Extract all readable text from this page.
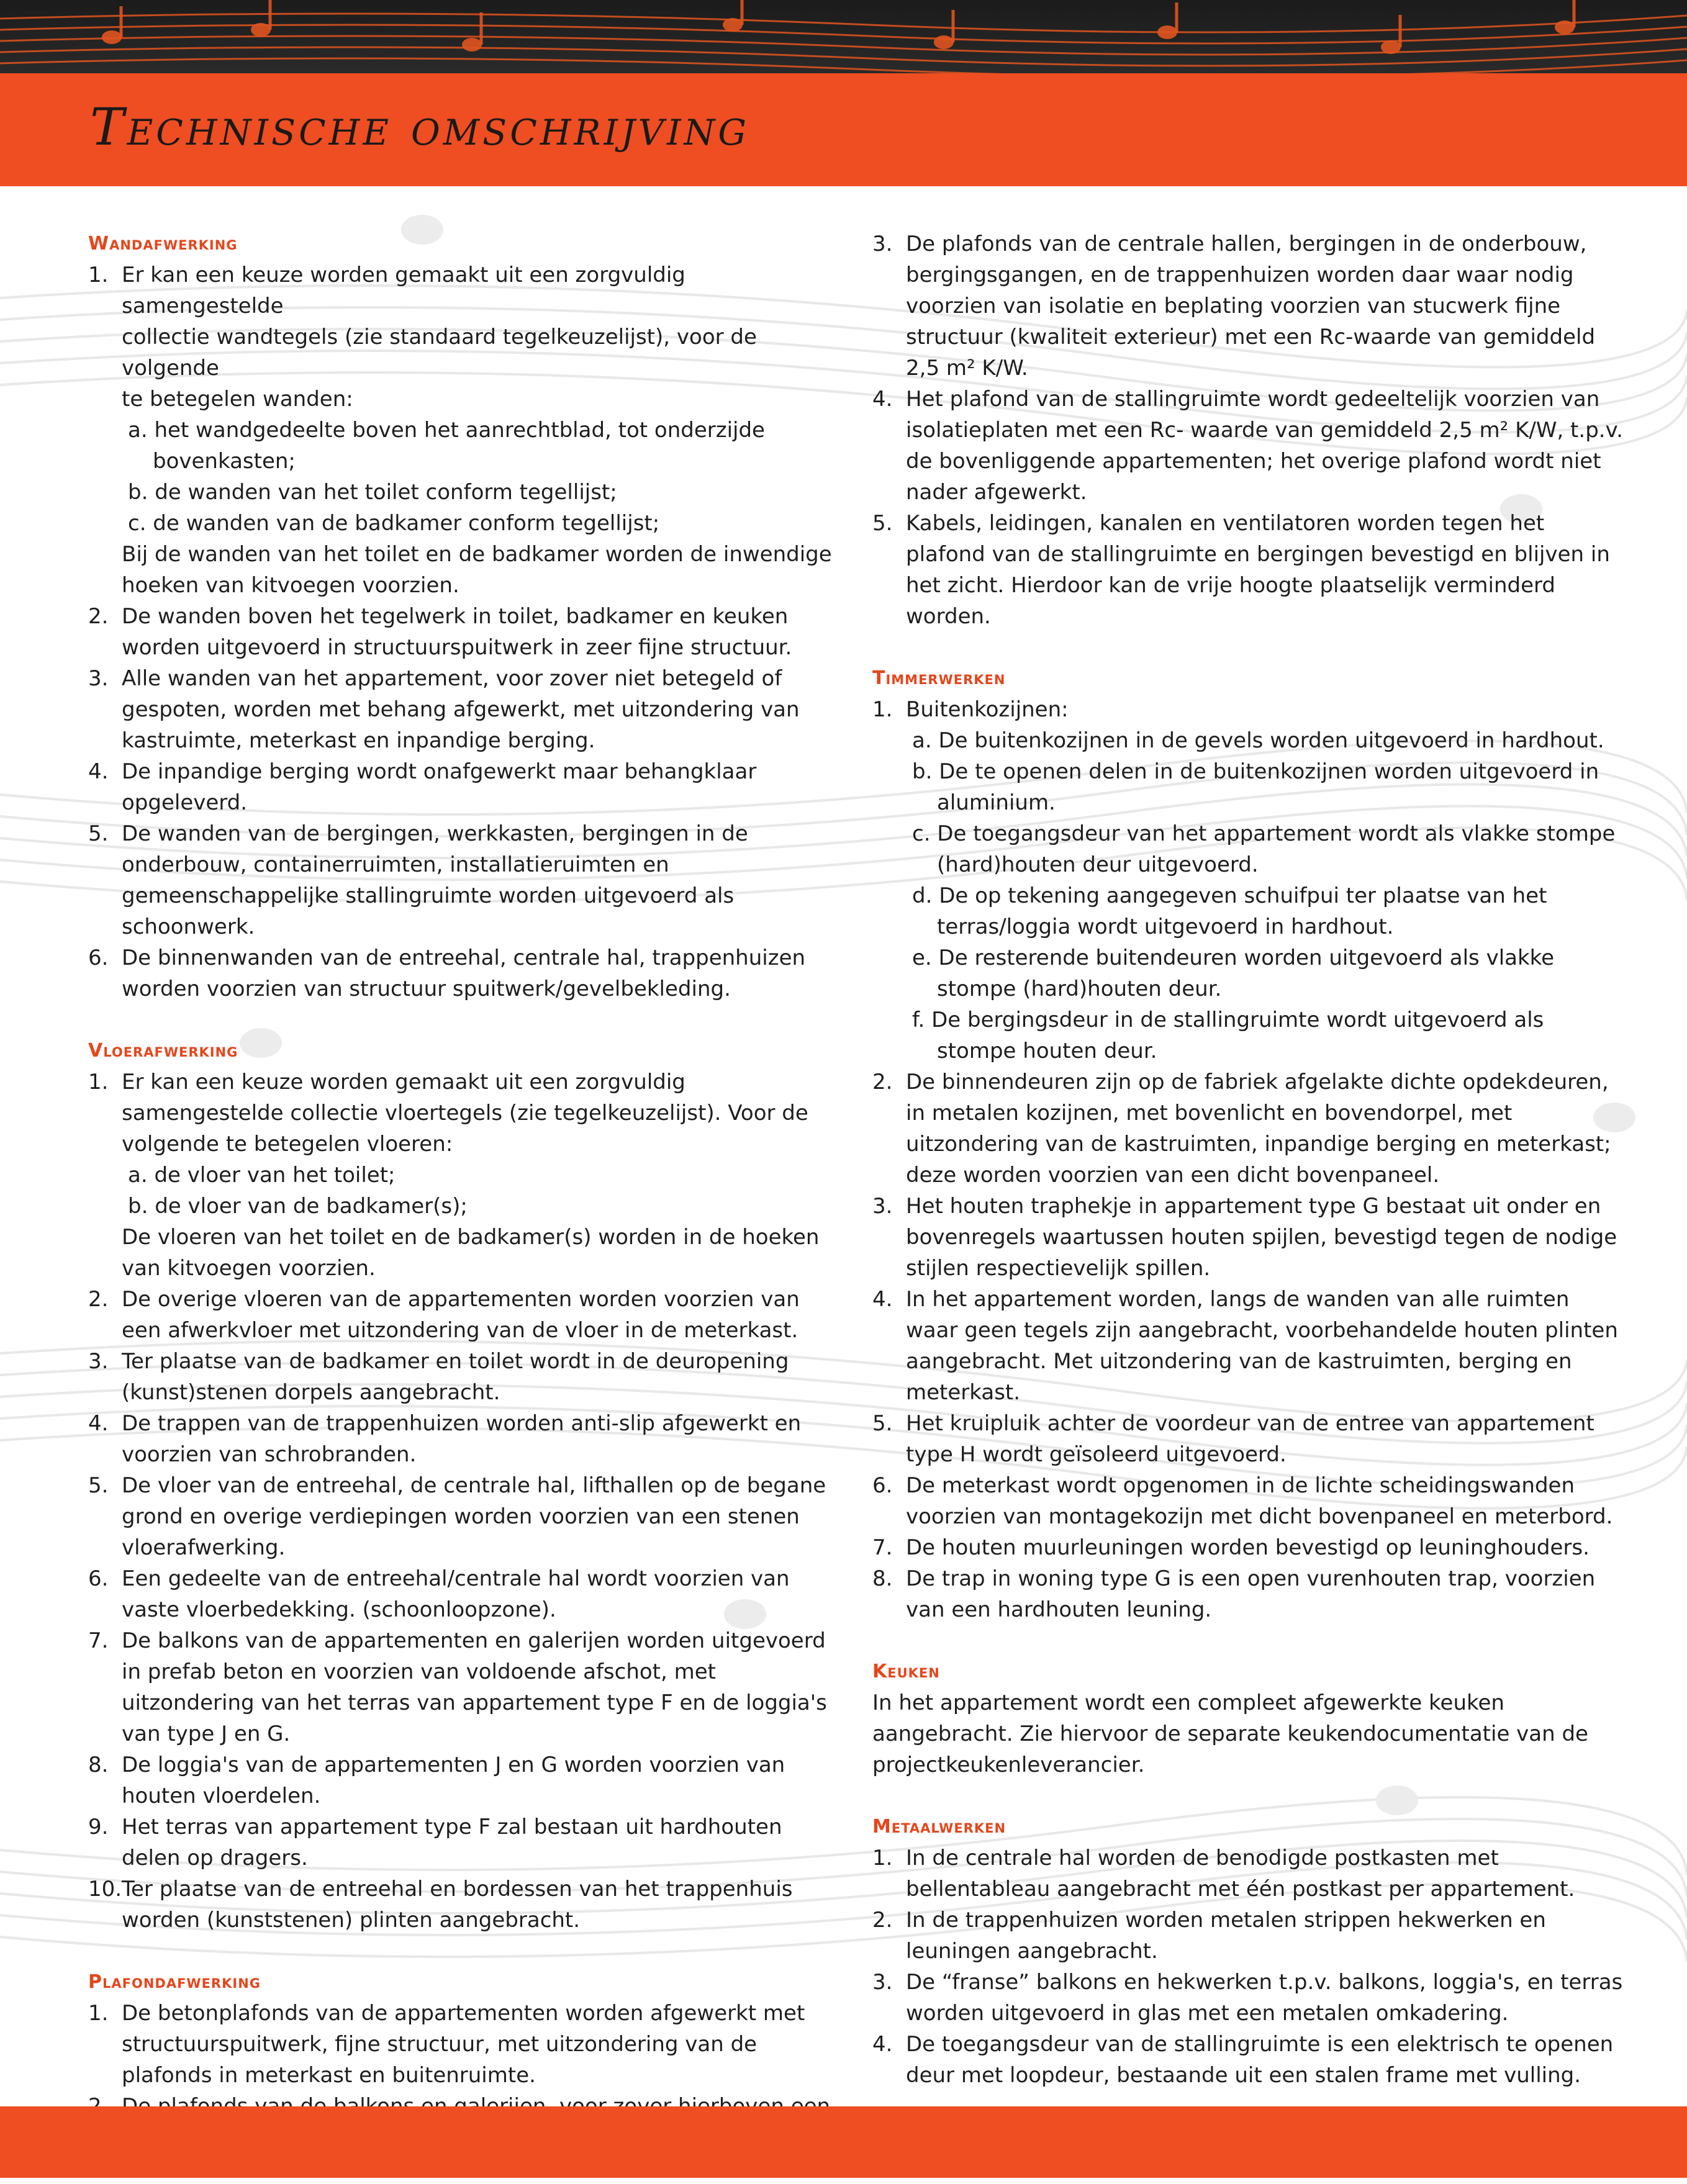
Technische omschrijving
Wandafwerking
1. Er kan een keuze worden gemaakt uit een zorgvuldig samengestelde
collectie wandtegels (zie standaard tegelkeuzelijst), voor de volgende
te betegelen wanden:
a. het wandgedeelte boven het aanrechtblad, tot onderzijde bovenkasten;
b. de wanden van het toilet conform tegellijst;
c. de wanden van de badkamer conform tegellijst;
Bij de wanden van het toilet en de badkamer worden de inwendige hoeken van kitvoegen voorzien.
2. De wanden boven het tegelwerk in toilet, badkamer en keuken worden uitgevoerd in structuurspuitwerk in zeer fijne structuur.
3. Alle wanden van het appartement, voor zover niet betegeld of gespoten, worden met behang afgewerkt, met uitzondering van kastruimte, meterkast en inpandige berging.
4. De inpandige berging wordt onafgewerkt maar behangklaar opgeleverd.
5. De wanden van de bergingen, werkkasten, bergingen in de onderbouw, containerruimten, installatieruimten en gemeenschappelijke stallingruimte worden uitgevoerd als schoonwerk.
6. De binnenwanden van de entreehal, centrale hal, trappenhuizen worden voorzien van structuur spuitwerk/gevelbekleding.
Vloerafwerking
1. Er kan een keuze worden gemaakt uit een zorgvuldig samengestelde collectie vloertegels (zie tegelkeuzelijst). Voor de volgende te betegelen vloeren:
a. de vloer van het toilet;
b. de vloer van de badkamer(s);
De vloeren van het toilet en de badkamer(s) worden in de hoeken van kitvoegen voorzien.
2. De overige vloeren van de appartementen worden voorzien van een afwerkvloer met uitzondering van de vloer in de meterkast.
3. Ter plaatse van de badkamer en toilet wordt in de deuropening (kunst)stenen dorpels aangebracht.
4. De trappen van de trappenhuizen worden anti-slip afgewerkt en voorzien van schrobranden.
5. De vloer van de entreehal, de centrale hal, lifthallen op de begane grond en overige verdiepingen worden voorzien van een stenen vloerafwerking.
6. Een gedeelte van de entreehal/centrale hal wordt voorzien van vaste vloerbedekking. (schoonloopzone).
7. De balkons van de appartementen en galerijen worden uitgevoerd in prefab beton en voorzien van voldoende afschot, met uitzondering van het terras van appartement type F en de loggia's van type J en G.
8. De loggia's van de appartementen J en G worden voorzien van houten vloerdelen.
9. Het terras van appartement type F zal bestaan uit hardhouten delen op dragers.
10. Ter plaatse van de entreehal en bordessen van het trappenhuis worden (kunststenen) plinten aangebracht.
Plafondafwerking
1. De betonplafonds van de appartementen worden afgewerkt met structuurspuitwerk, fijne structuur, met uitzondering van de plafonds in meterkast en buitenruimte.
3. De plafonds van de centrale hallen, bergingen in de onderbouw, bergingsgangen, en de trappenhuizen worden daar waar nodig voorzien van isolatie en beplating voorzien van stucwerk fijne structuur (kwaliteit exterieur) met een Rc-waarde van gemiddeld 2,5 m² K/W.
4. Het plafond van de stallingruimte wordt gedeeltelijk voorzien van isolatieplaten met een Rc- waarde van gemiddeld 2,5 m² K/W, t.p.v. de bovenliggende appartementen; het overige plafond wordt niet nader afgewerkt.
5. Kabels, leidingen, kanalen en ventilatoren worden tegen het plafond van de stallingruimte en bergingen bevestigd en blijven in het zicht. Hierdoor kan de vrije hoogte plaatselijk verminderd worden.
Timmerwerken
1. Buitenkozijnen:
a. De buitenkozijnen in de gevels worden uitgevoerd in hardhout.
b. De te openen delen in de buitenkozijnen worden uitgevoerd in aluminium.
c. De toegangsdeur van het appartement wordt als vlakke stompe (hard)houten deur uitgevoerd.
d. De op tekening aangegeven schuifpui ter plaatse van het terras/loggia wordt uitgevoerd in hardhout.
e. De resterende buitendeuren worden uitgevoerd als vlakke stompe (hard)houten deur.
f. De bergingsdeur in de stallingruimte wordt uitgevoerd als stompe houten deur.
2. De binnendeuren zijn op de fabriek afgelakte dichte opdekdeuren, in metalen kozijnen, met bovenlicht en bovendorpel, met uitzondering van de kastruimten, inpandige berging en meterkast; deze worden voorzien van een dicht bovenpaneel.
3. Het houten traphekje in appartement type G bestaat uit onder en bovenregels waartussen houten spijlen, bevestigd tegen de nodige stijlen respectievelijk spillen.
4. In het appartement worden, langs de wanden van alle ruimten waar geen tegels zijn aangebracht, voorbehandelde houten plinten aangebracht. Met uitzondering van de kastruimten, berging en meterkast.
5. Het kruipluik achter de voordeur van de entree van appartement type H wordt geïsoleerd uitgevoerd.
6. De meterkast wordt opgenomen in de lichte scheidingswanden voorzien van montagekozijn met dicht bovenpaneel en meterbord.
7. De houten muurleuningen worden bevestigd op leuninghouders.
8. De trap in woning type G is een open vurenhouten trap, voorzien van een hardhouten leuning.
Keuken
In het appartement wordt een compleet afgewerkte keuken aangebracht. Zie hiervoor de separate keukendocumentatie van de projectkeukenleverancier.
Metaalwerken
1. In de centrale hal worden de benodigde postkasten met bellentableau aangebracht met één postkast per appartement.
2. In de trappenhuizen worden metalen strippen hekwerken en leuningen aangebracht.
3. De “franse” balkons en hekwerken t.p.v. balkons, loggia's, en terras worden uitgevoerd in glas met een metalen omkadering.
4. De toegangsdeur van de stallingruimte is een elektrisch te openen deur met loopdeur, bestaande uit een stalen frame met vulling.
